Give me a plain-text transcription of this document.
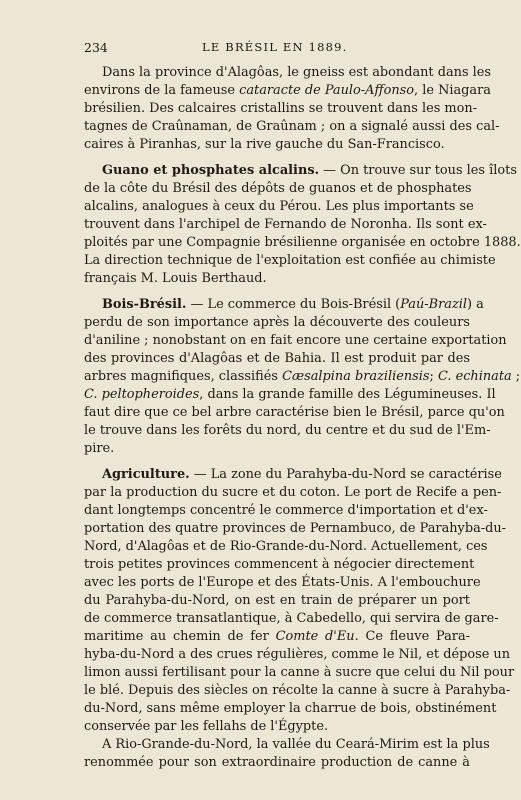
234	LE BRÉSIL EN 1889.
Dans la province d'Alagôas, le gneiss est abondant dans les
environs de la fameuse cataracte de Paulo-Affonso, le Niagara
brésilien. Des calcaires cristallins se trouvent dans les mon-
tagnes de Craûnaman, de Graûnam ; on a signalé aussi des cal-
caires à Piranhas, sur la rive gauche du San-Francisco.
Guano et phosphates alcalins. — On trouve sur tous les îlots
de la côte du Brésil des dépôts de guanos et de phosphates
alcalins, analogues à ceux du Pérou. Les plus importants se
trouvent dans l'archipel de Fernando de Noronha. Ils sont ex-
ploités par une Compagnie brésilienne organisée en octobre 1888.
La direction technique de l'exploitation est confiée au chimiste
français M. Louis Berthaud.
Bois-Brésil. — Le commerce du Bois-Brésil (Paú-Brazil) a
perdu de son importance après la découverte des couleurs
d'aniline ; nonobstant on en fait encore une certaine exportation
des provinces d'Alagôas et de Bahia. Il est produit par des
arbres magnifiques, classifiés Cæsalpina braziliensis; C. echinata ;
C. peltopheroides, dans la grande famille des Légumineuses. Il
faut dire que ce bel arbre caractérise bien le Brésil, parce qu'on
le trouve dans les forêts du nord, du centre et du sud de l'Em-
pire.
Agriculture. — La zone du Parahyba-du-Nord se caractérise
par la production du sucre et du coton. Le port de Recife a pen-
dant longtemps concentré le commerce d'importation et d'ex-
portation des quatre provinces de Pernambuco, de Parahyba-du-
Nord, d'Alagôas et de Rio-Grande-du-Nord. Actuellement, ces
trois petites provinces commencent à négocier directement
avec les ports de l'Europe et des États-Unis. A l'embouchure
du Parahyba-du-Nord, on est en train de préparer un port
de commerce transatlantique, à Cabedello, qui servira de gare-
maritime au chemin de fer Comte d'Eu. Ce fleuve Para-
hyba-du-Nord a des crues régulières, comme le Nil, et dépose un
limon aussi fertilisant pour la canne à sucre que celui du Nil pour
le blé. Depuis des siècles on récolte la canne à sucre à Parahyba-
du-Nord, sans même employer la charrue de bois, obstinément
conservée par les fellahs de l'Égypte.
A Rio-Grande-du-Nord, la vallée du Ceará-Mirim est la plus
renommée pour son extraordinaire production de canne à
